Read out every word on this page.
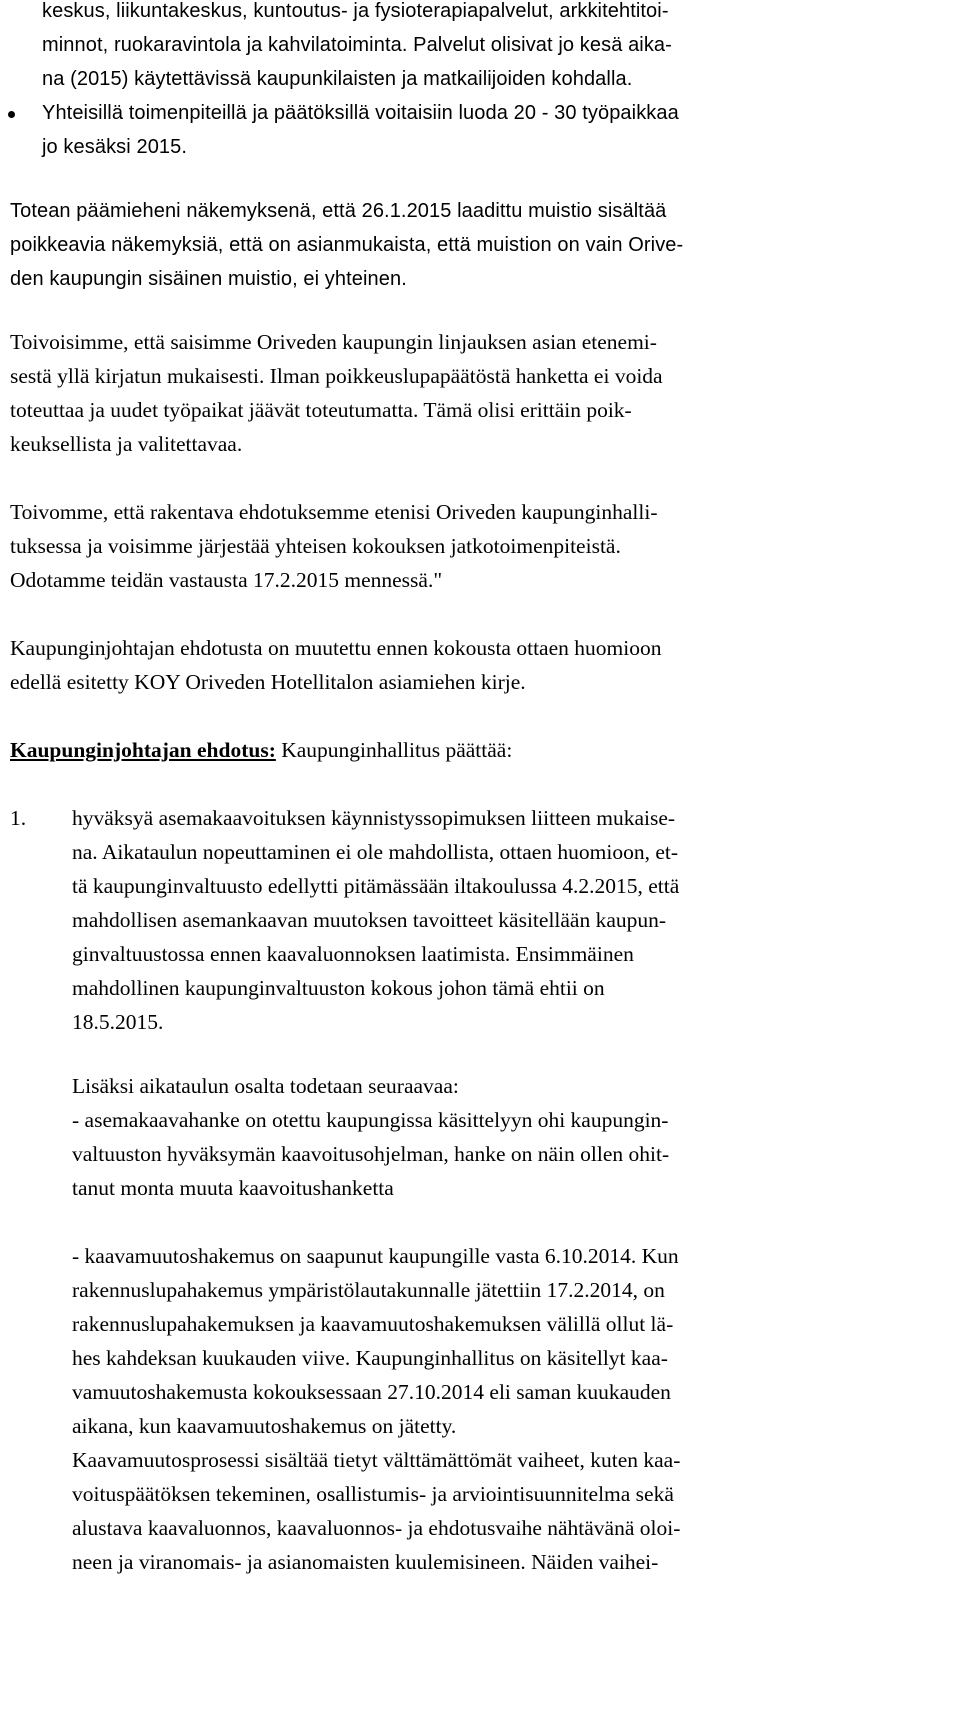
keskus, liikuntakeskus, kuntoutus- ja fysioterapiapalvelut, arkkitehtitoi-
minnot, ruokaravintola ja kahvilatoiminta. Palvelut olisivat jo kesä aika-
na (2015) käytettävissä kaupunkilaisten ja matkailijoiden kohdalla.
Yhteisillä toimenpiteillä ja päätöksillä voitaisiin luoda 20 - 30 työpaikkaa
jo kesäksi 2015.
Totean päämieheni näkemyksenä, että 26.1.2015 laadittu muistio sisältää
poikkeavia näkemyksiä, että on asianmukaista, että muistion on vain Orive-
den kaupungin sisäinen muistio, ei yhteinen.
Toivoisimme, että saisimme Oriveden kaupungin linjauksen asian etenemi-
sestä yllä kirjatun mukaisesti. Ilman poikkeuslupapäätöstä hanketta ei voida
toteuttaa ja uudet työpaikat jäävät toteutumatta. Tämä olisi erittäin poik-
keuksellista ja valitettavaa.
Toivomme, että rakentava ehdotuksemme etenisi Oriveden kaupunginhalli-
tuksessa ja voisimme järjestää yhteisen kokouksen jatkotoimenpiteistä.
Odotamme teidän vastausta 17.2.2015 mennessä."
Kaupunginjohtajan ehdotusta on muutettu ennen kokousta ottaen huomioon
edellä esitetty KOY Oriveden Hotellitalon asiamiehen kirje.
Kaupunginjohtajan ehdotus: Kaupunginhallitus päättää:
1. hyväksyä asemakaavoituksen käynnistyssopimuksen liitteen mukaise-
na. Aikataulun nopeuttaminen ei ole mahdollista, ottaen huomioon, et-
tä kaupunginvaltuusto edellytti pitämässään iltakoulussa 4.2.2015, että
mahdollisen asemankaavan muutoksen tavoitteet käsitellään kaupun-
ginvaltuustossa ennen kaavaluonnoksen laatimista. Ensimmäinen
mahdollinen kaupunginvaltuuston kokous johon tämä ehtii on
18.5.2015.
Lisäksi aikataulun osalta todetaan seuraavaa:
- asemakaavahanke on otettu kaupungissa käsittelyyn ohi kaupungin-
valtuuston hyväksymän kaavoitusohjelman, hanke on näin ollen ohit-
tanut monta muuta kaavoitushanketta
- kaavamuutoshakemus on saapunut kaupungille vasta 6.10.2014. Kun
rakennuslupahakemus ympäristölautakunnalle jätettiin 17.2.2014, on
rakennuslupahakemuksen ja kaavamuutoshakemuksen välillä ollut lä-
hes kahdeksan kuukauden viive. Kaupunginhallitus on käsitellyt kaa-
vamuutoshakemusta kokouksessaan 27.10.2014 eli saman kuukauden
aikana, kun kaavamuutoshakemus on jätetty.
Kaavamuutosprosessi sisältää tietyt välttämättömät vaiheet, kuten kaa-
voituspäätöksen tekeminen, osallistumis- ja arviointisuunnitelma sekä
alustava kaavaluonnos, kaavaluonnos- ja ehdotusvaihe nähtävänä oloi-
neen ja viranomais- ja asianomaisten kuulemisineen. Näiden vaihei-
